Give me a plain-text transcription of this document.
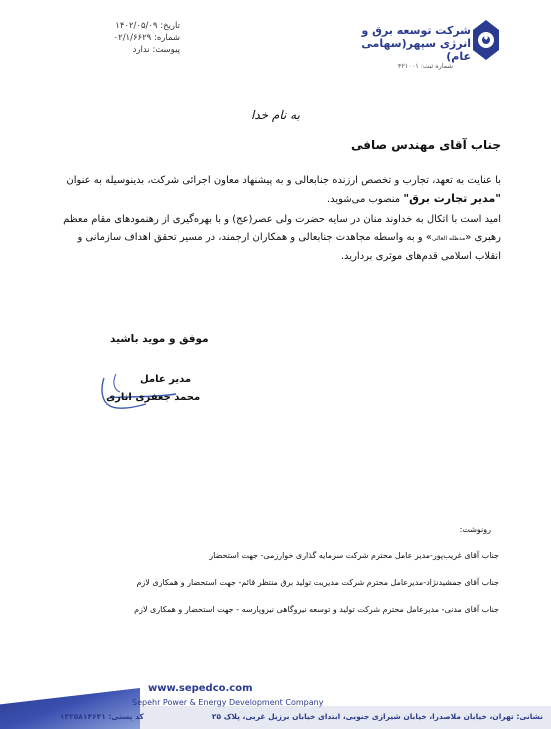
تاریخ: ۱۴۰۲/۰۵/۰۹
شماره: ۰۲/۱/۶۶۲۹
پیوست: ندارد
شرکت توسعه برق و انرژی سپهر(سهامی عام)
شماره ثبت: ۴۲۱۰۰۱
به نام خدا
جناب آقای مهندس صافی

با عنایت به تعهد، تجارب و تخصص ارزنده جنابعالی و به پیشنهاد معاون اجرائی شرکت، بدینوسیله به عنوان "مدیر تجارت برق" منصوب می‌شوید.

امید است با اتکال به خداوند منان در سایه حضرت ولی عصر(عج) و با بهره‌گیری از رهنمودهای مقام معظم رهبری «مدظله العالی» و به واسطه مجاهدت جنابعالی و همکاران ارجمند، در مسیر تحقق اهداف سازمانی و انقلاب اسلامی قدم‌های موثری بردارید.

موفق و موید باشید
مدیر عامل
محمد جعفری اناری
رونوشت:
جناب آقای غریب‌پور-مدیر عامل محترم شرکت سرمایه گذاری خوارزمی- جهت استحضار
جناب آقای جمشیدنژاد-مدیرعامل محترم شرکت مدیریت تولید برق منتظر قائم- جهت استحضار و همکاری لازم
جناب آقای مدنی- مدیرعامل محترم شرکت تولید و توسعه نیروگاهی نیروپارسه - جهت استحضار و همکاری لازم
www.sepedco.com
Sepehr Power & Energy Development Company
نشانی: تهران، خیابان ملاصدرا، خیابان شیرازی جنوبی، ابتدای خیابان برزیل غربی، پلاک ۲۵
کد پستی: ۱۴۳۵۸۱۴۶۴۱
